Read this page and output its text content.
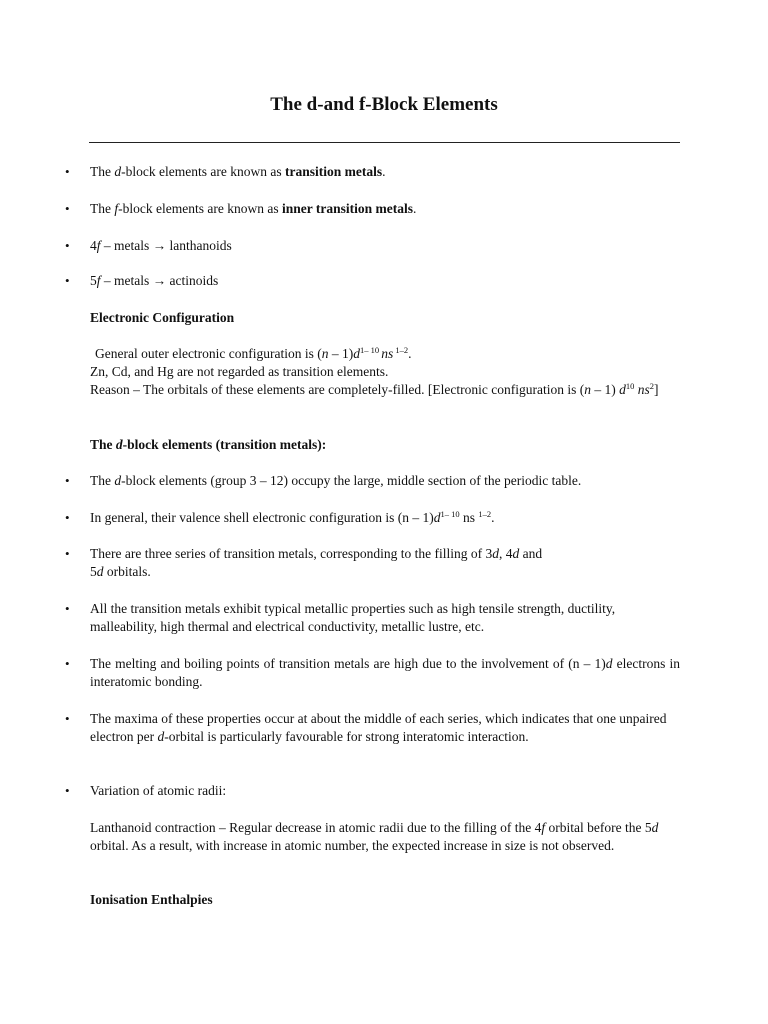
The d-and f-Block Elements
• The d-block elements are known as transition metals.
• The f-block elements are known as inner transition metals.
• 4f – metals → lanthanoids
• 5f – metals → actinoids
Electronic Configuration
General outer electronic configuration is $(n - 1)d^{1- 10}$ ns $^{1-2}$.
Zn, Cd, and Hg are not regarded as transition elements.
Reason – The orbitals of these elements are completely-filled. [Electronic configuration is (n – 1) $d^{10}$ $ns^2$]
The d-block elements (transition metals):
• The d-block elements (group 3 – 12) occupy the large, middle section of the periodic table.
• In general, their valence shell electronic configuration is $(n - 1)d^{1- 10}$ ns $^{1-2}$.
• There are three series of transition metals, corresponding to the filling of 3d, 4d and
5d orbitals.
• All the transition metals exhibit typical metallic properties such as high tensile strength, ductility, malleability, high thermal and electrical conductivity, metallic lustre, etc.
• The melting and boiling points of transition metals are high due to the involvement of (n – 1)d electrons in interatomic bonding.
• The maxima of these properties occur at about the middle of each series, which indicates that one unpaired electron per d-orbital is particularly favourable for strong interatomic interaction.
• Variation of atomic radii:
Lanthanoid contraction – Regular decrease in atomic radii due to the filling of the 4f orbital before the 5d orbital. As a result, with increase in atomic number, the expected increase in size is not observed.
Ionisation Enthalpies
